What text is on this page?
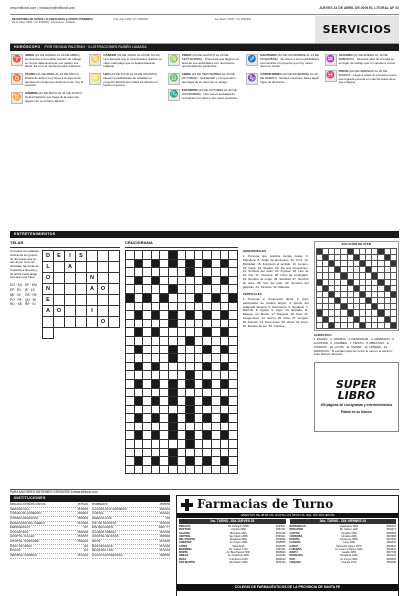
www.ellitoral.com | redaccion@ellitoral.com	JUEVES 23 DE ABRIL DE 2009 EL LITORAL AF 31
RECEPTORIA DE AVISOS / CLASIFICADOS & AVISOS FÚNEBRES
25 de Mayo 3536 / Tel. 4502500 · Esperanza · Rafaela
9 de Julio 2153 / Tel. 4502500	San Martín 2635 · Tel. 4502500
SERVICIOS
HORÓSCOPO POR REGINA PALERMO · ILUSTRACIONES RUBÉN LAMADA
♈

ARIES (21 DE MARZO AL 20 DE ABRIL) · Se avecina una posible reunión de trabajo en la que deberá apoyar con pasión sus ideas. Es un mal momento para reclamos.

♉

TAURO (21 DE ABRIL AL 21 DE MAYO) · Estará de ánimo muy firme a la espera de asuntos de pareja que deberán tener hoy la solución.

♊

GÉMINIS (22 DE MAYO AL 21 DE JUNIO) · Notica bastante que llega de la mano de alguien de su entorno laboral.

♋

CÁNCER (22 DE JUNIO AL 23 DE JULIO) · Une llamada que lo incentivará a realizar un viaje relámpago que lo dejará bastante fatigado.

♌

LEO (24 DE JULIO AL 23 DE AGOSTO) · Nuevos posibilidades de entablar un proyecto laboral que habrá conducido en hacia un tiempo.

♍

VIRGO (24 DE AGOSTO AL 23 DE SEPTIEMBRE) · Propuesta que llega en el área de sus actividades con una buena oportunidad de ganancias.

♎

LIBRA (24 DE SEPTIEMBRE AL 23 DE OCTUBRE) · Solidaridad y comprensión que llega de la mano de un amigo.

♏

ESCORPIO (24 DE OCTUBRE AL 22 DE NOVIEMBRE) · Una nueva actividad de recreación con hijos o sus seres queridos.

♐

SAGITARIO (23 DE NOVIEMBRE AL 21 DE DICIEMBRE) · Se abren a sus posibilidades económicas un proyecto que hoy usted tiene en mente.

♑

CAPRICORNIO (22 DE DICIEMBRE AL 20 DE ENERO) · Escape repentino hacia algún lugar de descanso.

♒

ACUARIO (21 DE ENERO AL 19 DE FEBRERO) · Necesita algo de energía en su lugar de trabajo que lo impulse a crecer.

♓

PISCIS (20 DE FEBRERO AL 20 DE MARZO) · Llega a usted un proyecto nuevo que lograrla ponerla en marcha antes de lo que imagina.

ENTRETENIMIENTOS
TELAR

Complete los palabras, colocando los grupos de dos letras que se dan al pie. Una vez ubicadas, las letras de izquierda a derecha y de arriba hacia abajo formarán una frase.

DO · EA EF · EM
EP · EV	IE · LE
NE · NI	OS · PA
PO · PE	QU · RI
RO · SE RR · SI
D	E	I	S
L	A
O	N
N	A	O
E
A	O	I
O
CRUCIGRAMA
HORIZONTALES

1. Persona que practica ciertas cosas. 6. Patrullera. 8. Sufijo de diminutivo. 12. Cruz. 13. Divinidad. 15. Interpretó el sentido. 16. Lucano. 18. Capa. 19. Separó. 20. De una preposición. 21. Símbolo del radio. 23. Ingrese. 26. Uno de los ríos. 27. Charcos. 28. Inicio de conjugado. 33. Nombre de mujer. 35. Sanidad. 37. Nombre de letra. 38. Voz del palo. 40. Símbolo del galvanio. 41. Símbolo. 42. Maretas.

VERTICALES

1. Persona. 2. Conjunción latina. 3. Aves palmípedas de cuellos largos. 4. Apodo del malgrado Gluacio. 5. Centímetro. 6. Vestíbulo. 7. Diarmid. 8. Aguila. 9. Lago. 10. Entrada. 11. Rasgos. 14. Manto. 17. Disparar. 18. Pelo. 22. Sospechoso. 24. Siervo. 25. Ruta. 27. Lengua. 29. Anterior. 31. Poco antes. 32. Vesta. 34. Amor. 36. Destino de ser. 39. Colosos.

SOLUCIÓN DE AYER
ACRÓSTICO

1. ENANO · 2. NOMINA · 3. DESNUDAR · 4. ARRIBADO · 5. ACOSTAR · 6. COMBES · 7. TIESTO · 8. ABRASIVA · 9. COSMOS · 10. LOUIS · 11. TAPIAR · 12. LEÑERA · 13. PARDOCIA. “Si escribe para ver cómo te vas en el camino”. Juan Ramón Jiménez.

SUPER
LIBRO
190 páginas de crucigramas y entretenimientos
Pídalo en su kiosco
PARA MAYORES INFORMES DIRIGIRSE A www.ellitoral.com
INSTITUCIONES
BRIGADA ANTIEXPLOSIVOS	4575132 BOMBEROS	4595555
AERONÁUTICA	4575200 ALCOHÓLICOS ANÓNIMOS	4563344
CÁMARA DE COMERCIO	4563822 CÁRITAS	4512222
CORREO ARGENTINO	4555433 DEFENSA CIVIL	103
DEFENSORÍA DEL PUEBLO	4573000 DIR. DE TRÁNSITO	4571500
EMERGENCIAS	107 EPE RECLAMOS	0800 777
GAS NATURAL	4503340 GUARDIA URBANA	4571900
HOSPITAL CULLEN	4573357 HOSPITAL DE NIÑOS	4505900
HOSPITAL ITURRASPE	4553434 IAPOS	4573000
LÍNEA 102 NIÑEZ	102 MUNICIPALIDAD	4571500
POLICÍA	911 REGISTRO CIVIL	4572444
TERMINAL ÓMNIBUS	4574124 AGUAS SANTAFESINAS	4505500
Farmacias de Turno
ABIERTAS DE 08:00 HS. HASTA LAS 08:00 HS. DEL DÍA SIGUIENTE
1ro. TURNO - DÍA JUEVES 23
PERALTA	Bv. Pellegrini 3180	4564011
PIATTONI	Urquiza 2950	4557311
GALENO	Mendoza 3441	4522120
CENTRAL	San Martín 2565	4593411
DEL PUERTO	Rivadavia 2810	4559008
LIBERTAD	Av. Freyre 1660	4555555
LÓPEZ	Salta 3126	4562555
MODERNA	Bv. Gálvez 1744	4553311
NORTE	Av. Blas Parera 7300	4898900
OMEGA	Av. Aristóbulo 4200	4512390
ROCA	4 de Enero 2215	4590910
SAN MARTÍN	San Martín 3400	4531234
2do. TURNO - DÍA VIERNES 24
BARRANCAS	Catamarca 3402	4550001
BRIGHTON	Bv. Gálvez 1120	4534477
CAPITAL	Córdoba 3180	4598900
CÓRDOBA	Córdoba 2480	4529988
ESPAÑA	Corrientes 2860	4523344
FLORIDA	Junín 2450	4562911
GARAY	Monseñor Zaspe 2870	4554520
LUDUEÑA	Av. López y Planes 3420	4534322
MAIPÚ	Lavalle 3255	4567788
RIVADAVIA	Rivadavia 3140	4591122
SUR	Av. Freyre 3520	4595500
URQUIZA	Urquiza 2210	4551188
COLEGIO DE FARMACÉUTICOS DE LA PROVINCIA DE SANTA FE
